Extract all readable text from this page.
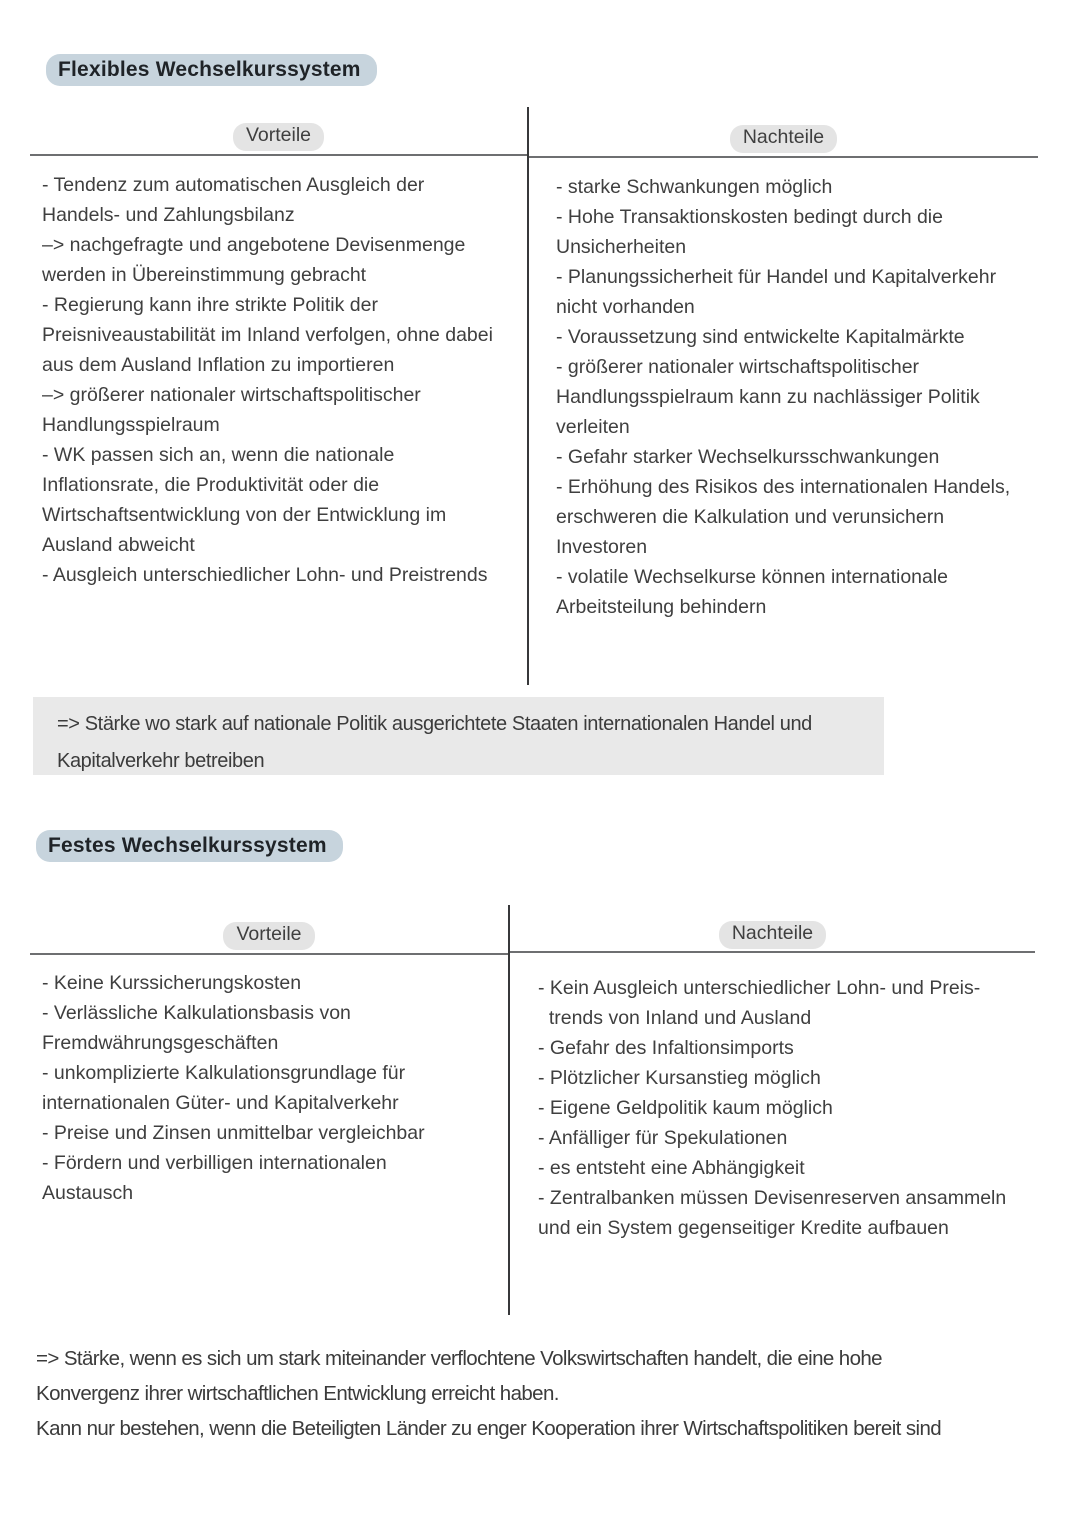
Flexibles Wechselkurssystem
Vorteile
- Tendenz zum automatischen Ausgleich der
Handels- und Zahlungsbilanz
–> nachgefragte und angebotene Devisenmenge
werden in Übereinstimmung gebracht
- Regierung kann ihre strikte Politik der
Preisniveaustabilität im Inland verfolgen, ohne dabei
aus dem Ausland Inflation zu importieren
–> größerer nationaler wirtschaftspolitischer
Handlungsspielraum
- WK passen sich an, wenn die nationale
Inflationsrate, die Produktivität oder die
Wirtschaftsentwicklung von der Entwicklung im
Ausland abweicht
- Ausgleich unterschiedlicher Lohn- und Preistrends
Nachteile
- starke Schwankungen möglich
- Hohe Transaktionskosten bedingt durch die
Unsicherheiten
- Planungssicherheit für Handel und Kapitalverkehr
nicht vorhanden
- Voraussetzung sind entwickelte Kapitalmärkte
- größerer nationaler wirtschaftspolitischer
Handlungsspielraum kann zu nachlässiger Politik
verleiten
- Gefahr starker Wechselkursschwankungen
- Erhöhung des Risikos des internationalen Handels,
erschweren die Kalkulation und verunsichern
Investoren
- volatile Wechselkurse können internationale
Arbeitsteilung behindern
=> Stärke wo stark auf nationale Politik ausgerichtete Staaten internationalen Handel und
Kapitalverkehr betreiben
Festes Wechselkurssystem
Vorteile
- Keine Kurssicherungskosten
- Verlässliche Kalkulationsbasis von
Fremdwährungsgeschäften
- unkomplizierte Kalkulationsgrundlage für
internationalen Güter- und Kapitalverkehr
- Preise und Zinsen unmittelbar vergleichbar
- Fördern und verbilligen internationalen
Austausch
Nachteile
- Kein Ausgleich unterschiedlicher Lohn- und Preis-
trends von Inland und Ausland
- Gefahr des Infaltionsimports
- Plötzlicher Kursanstieg möglich
- Eigene Geldpolitik kaum möglich
- Anfälliger für Spekulationen
- es entsteht eine Abhängigkeit
- Zentralbanken müssen Devisenreserven ansammeln
und ein System gegenseitiger Kredite aufbauen
=> Stärke, wenn es sich um stark miteinander verflochtene Volkswirtschaften handelt, die eine hohe
Konvergenz ihrer wirtschaftlichen Entwicklung erreicht haben.
Kann nur bestehen, wenn die Beteiligten Länder zu enger Kooperation ihrer Wirtschaftspolitiken bereit sind
